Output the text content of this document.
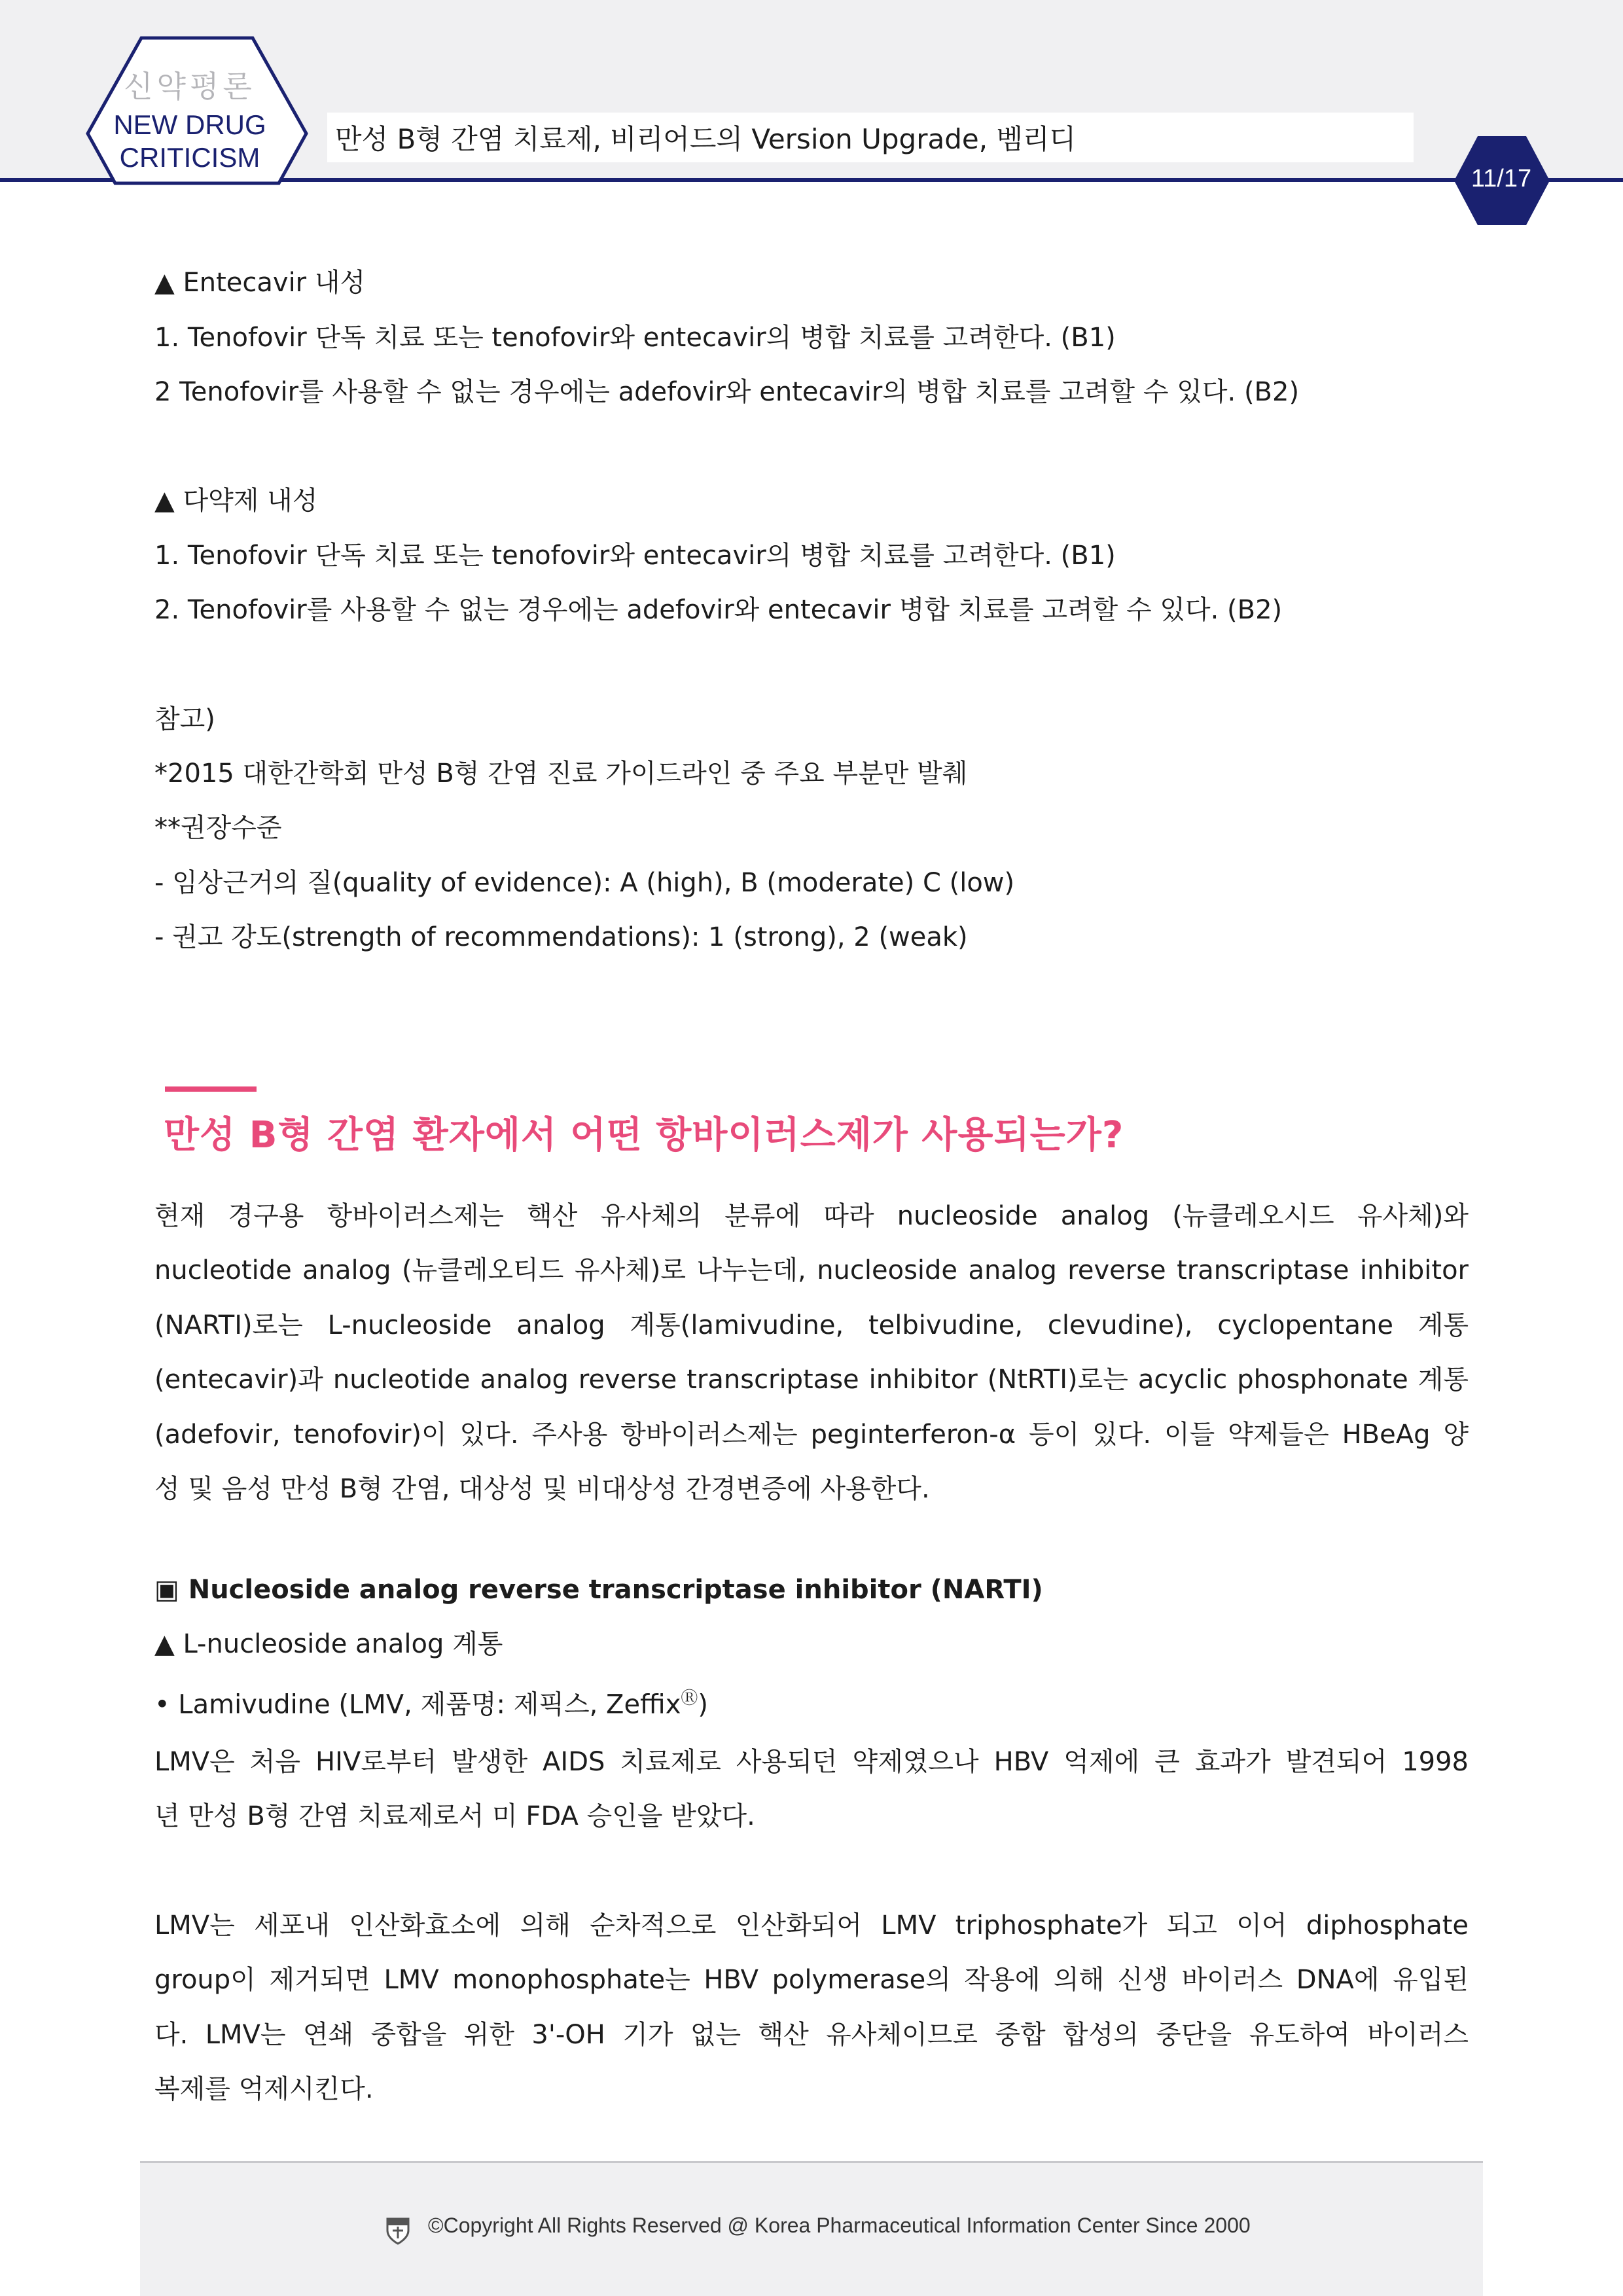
신약평론
NEW DRUG
CRITICISM
만성 B형 간염 치료제, 비리어드의 Version Upgrade, 벰리디
11/17
▲ Entecavir 내성
1. Tenofovir 단독 치료 또는 tenofovir와 entecavir의 병합 치료를 고려한다. (B1)
2 Tenofovir를 사용할 수 없는 경우에는 adefovir와 entecavir의 병합 치료를 고려할 수 있다. (B2)
▲ 다약제 내성
1. Tenofovir 단독 치료 또는 tenofovir와 entecavir의 병합 치료를 고려한다. (B1)
2. Tenofovir를 사용할 수 없는 경우에는 adefovir와 entecavir 병합 치료를 고려할 수 있다. (B2)
참고)
*2015 대한간학회 만성 B형 간염 진료 가이드라인 중 주요 부분만 발췌
**권장수준
- 임상근거의 질(quality of evidence): A (high), B (moderate) C (low)
- 권고 강도(strength of recommendations): 1 (strong), 2 (weak)
만성 B형 간염 환자에서 어떤 항바이러스제가 사용되는가?
현재 경구용 항바이러스제는 핵산 유사체의 분류에 따라 nucleoside analog (뉴클레오시드 유사체)와
nucleotide analog (뉴클레오티드 유사체)로 나누는데, nucleoside analog reverse transcriptase inhibitor
(NARTI)로는 L-nucleoside analog 계통(lamivudine, telbivudine, clevudine), cyclopentane 계통
(entecavir)과 nucleotide analog reverse transcriptase inhibitor (NtRTI)로는 acyclic phosphonate 계통
(adefovir, tenofovir)이 있다. 주사용 항바이러스제는 peginterferon-α 등이 있다. 이들 약제들은 HBeAg 양
성 및 음성 만성 B형 간염, 대상성 및 비대상성 간경변증에 사용한다.
▣ Nucleoside analog reverse transcriptase inhibitor (NARTI)
▲ L-nucleoside analog 계통
• Lamivudine (LMV, 제품명: 제픽스, ZeffixⓇ)
LMV은 처음 HIV로부터 발생한 AIDS 치료제로 사용되던 약제였으나 HBV 억제에 큰 효과가 발견되어 1998
년 만성 B형 간염 치료제로서 미 FDA 승인을 받았다.
LMV는 세포내 인산화효소에 의해 순차적으로 인산화되어 LMV triphosphate가 되고 이어 diphosphate
group이 제거되면 LMV monophosphate는 HBV polymerase의 작용에 의해 신생 바이러스 DNA에 유입된
다. LMV는 연쇄 중합을 위한 3'-OH 기가 없는 핵산 유사체이므로 중합 합성의 중단을 유도하여 바이러스
복제를 억제시킨다.
©Copyright All Rights Reserved @ Korea Pharmaceutical Information Center Since 2000
